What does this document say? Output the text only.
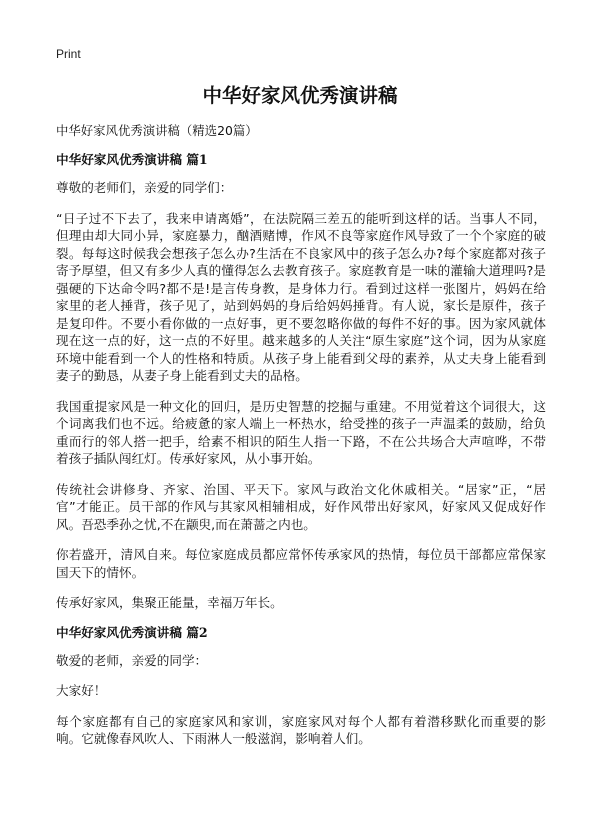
Print
中华好家风优秀演讲稿

中华好家风优秀演讲稿（精选20篇）

中华好家风优秀演讲稿 篇1

尊敬的老师们，亲爱的同学们：

“日子过不下去了，我来申请离婚”，在法院隔三差五的能听到这样的话。当事人不同，但理由却大同小异，家庭暴力，酗酒赌博，作风不良等家庭作风导致了一个个家庭的破裂。每每这时候我会想孩子怎么办?生活在不良家风中的孩子怎么办?每个家庭都对孩子寄予厚望，但又有多少人真的懂得怎么去教育孩子。家庭教育是一味的灌输大道理吗?是强硬的下达命令吗?都不是!是言传身教，是身体力行。看到过这样一张图片，妈妈在给家里的老人捶背，孩子见了，站到妈妈的身后给妈妈捶背。有人说，家长是原件，孩子是复印件。不要小看你做的一点好事，更不要忽略你做的每件不好的事。因为家风就体现在这一点的好，这一点的不好里。越来越多的人关注“原生家庭”这个词，因为从家庭环境中能看到一个人的性格和特质。从孩子身上能看到父母的素养，从丈夫身上能看到妻子的勤恳，从妻子身上能看到丈夫的品格。

我国重提家风是一种文化的回归，是历史智慧的挖掘与重建。不用觉着这个词很大，这个词离我们也不远。给疲惫的家人端上一杯热水，给受挫的孩子一声温柔的鼓励，给负重而行的邻人搭一把手，给素不相识的陌生人指一下路，不在公共场合大声喧哗，不带着孩子插队闯红灯。传承好家风，从小事开始。

传统社会讲修身、齐家、治国、平天下。家风与政治文化休戚相关。“居家”正，“居官”才能正。员干部的作风与其家风相辅相成，好作风带出好家风，好家风又促成好作风。吾恐季孙之忧,不在颛臾,而在萧蔷之内也。

你若盛开，清风自来。每位家庭成员都应常怀传承家风的热情，每位员干部都应常保家国天下的情怀。

传承好家风，集聚正能量，幸福万年长。

中华好家风优秀演讲稿 篇2

敬爱的老师，亲爱的同学：

大家好！

每个家庭都有自己的家庭家风和家训，家庭家风对每个人都有着潜移默化而重要的影响。它就像春风吹人、下雨淋人一般滋润，影响着人们。
